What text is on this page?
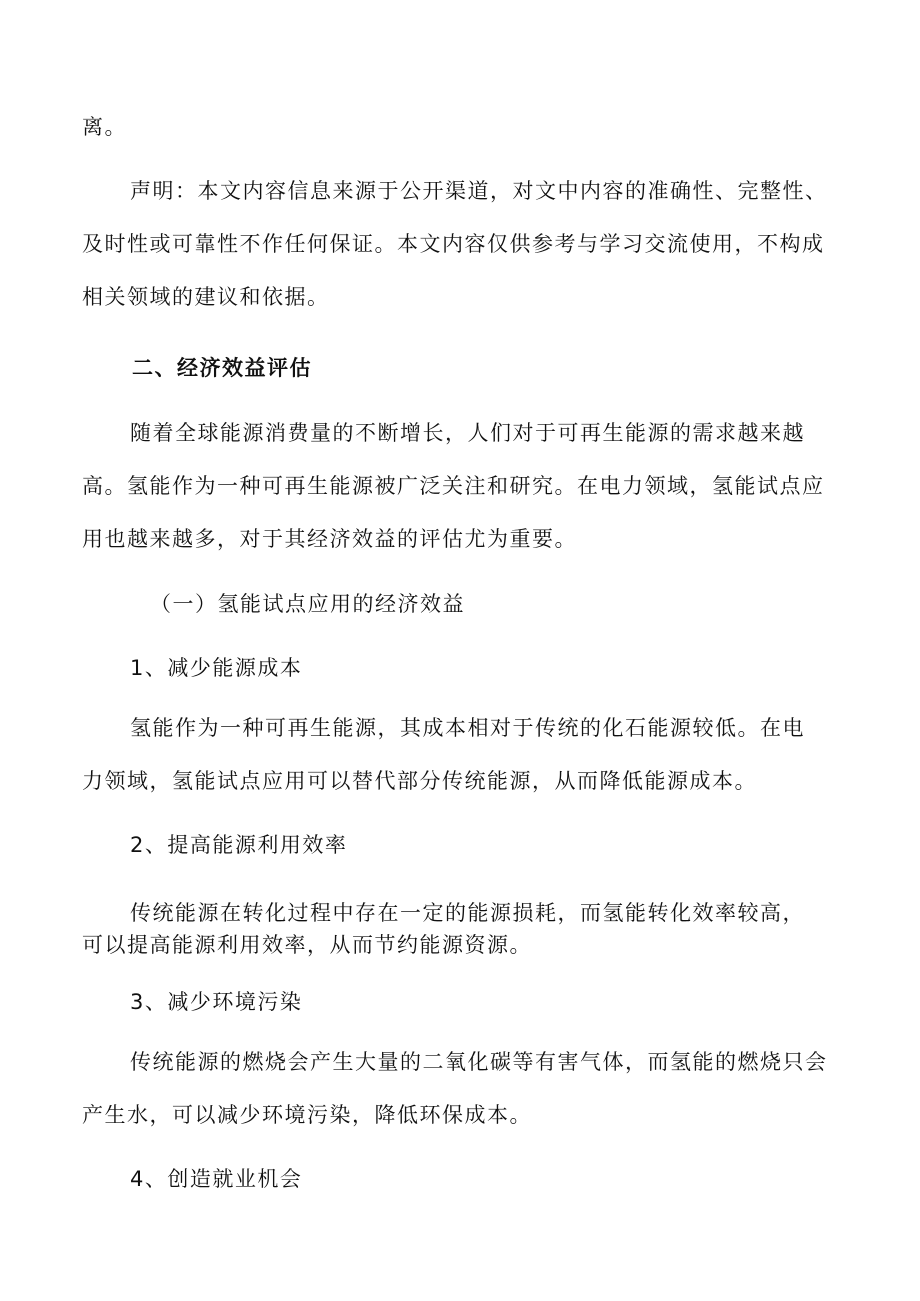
离。
声明：本文内容信息来源于公开渠道，对文中内容的准确性、完整性、
及时性或可靠性不作任何保证。本文内容仅供参考与学习交流使用，不构成
相关领域的建议和依据。
二、经济效益评估
随着全球能源消费量的不断增长，人们对于可再生能源的需求越来越
高。氢能作为一种可再生能源被广泛关注和研究。在电力领域，氢能试点应
用也越来越多，对于其经济效益的评估尤为重要。
（一）氢能试点应用的经济效益
1、减少能源成本
氢能作为一种可再生能源，其成本相对于传统的化石能源较低。在电
力领域，氢能试点应用可以替代部分传统能源，从而降低能源成本。
2、提高能源利用效率
传统能源在转化过程中存在一定的能源损耗，而氢能转化效率较高，
可以提高能源利用效率，从而节约能源资源。
3、减少环境污染
传统能源的燃烧会产生大量的二氧化碳等有害气体，而氢能的燃烧只会
产生水，可以减少环境污染，降低环保成本。
4、创造就业机会
